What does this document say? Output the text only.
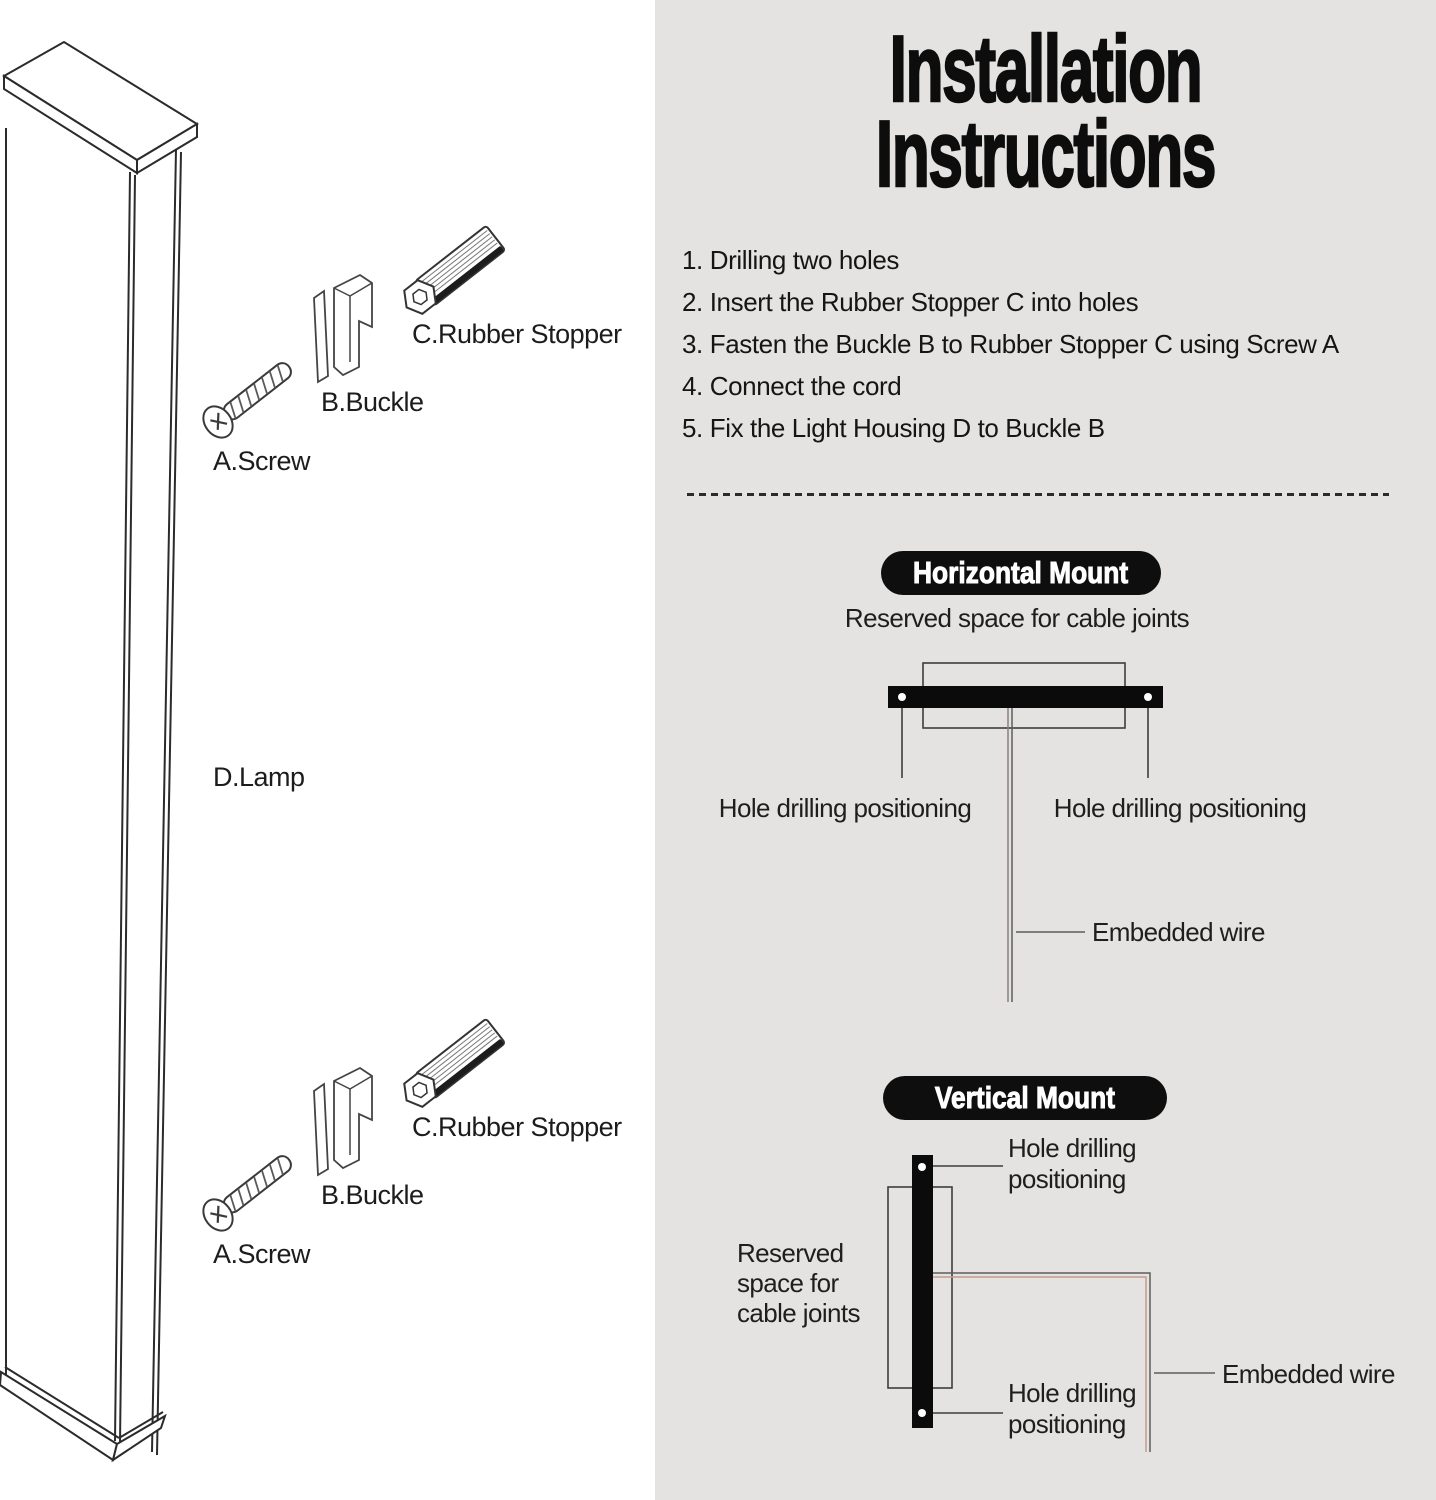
A.Screw
B.Buckle
C.Rubber Stopper
D.Lamp
A.Screw
B.Buckle
C.Rubber Stopper
Installation
Instructions
1. Drilling two holes
2. Insert the Rubber Stopper C into holes
3. Fasten the Buckle B to Rubber Stopper C using Screw A
4. Connect the cord
5. Fix the Light Housing D to Buckle B
Horizontal Mount
Reserved space for cable joints
Hole drilling positioning	Hole drilling positioning
Embedded wire
Vertical Mount
Hole drilling
positioning
Reserved
space for
cable joints
Hole drilling
positioning
Embedded wire
